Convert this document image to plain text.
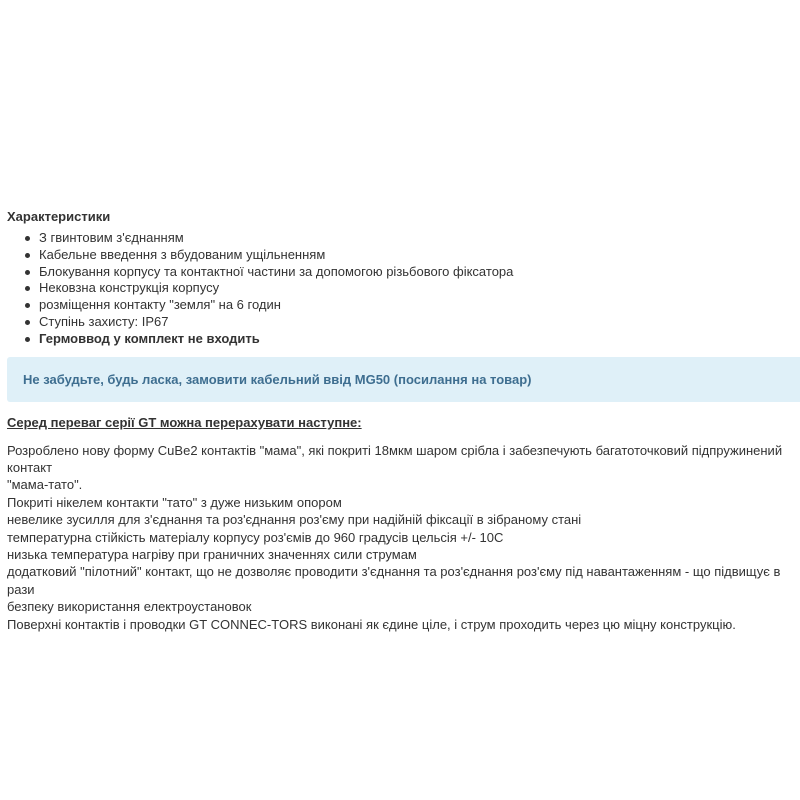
Характеристики
З гвинтовим з'єднанням
Кабельне введення з вбудованим ущільненням
Блокування корпусу та контактної частини за допомогою різьбового фіксатора
Нековзна конструкція корпусу
розміщення контакту "земля" на 6 годин
Ступінь захисту: IP67
Гермоввод у комплект не входить
Не забудьте, будь ласка, замовити кабельний ввід MG50 (посилання на товар)
Серед переваг серії GT можна перерахувати наступне:
Розроблено нову форму CuBe2 контактів "мама", які покриті 18мкм шаром срібла і забезпечують багатоточковий підпружинений контакт
"мама-тато".
Покриті нікелем контакти "тато" з дуже низьким опором
невелике зусилля для з'єднання та роз'єднання роз'єму при надійній фіксації в зібраному стані
температурна стійкість матеріалу корпусу роз'ємів до 960 градусів цельсія +/- 10С
низька температура нагріву при граничних значеннях сили струмам
додатковий "пілотний" контакт, що не дозволяє проводити з'єднання та роз'єднання роз'єму під навантаженням - що підвищує в рази
безпеку використання електроустановок
Поверхні контактів і проводки GT CONNEC-TORS виконані як єдине ціле, і струм проходить через цю міцну конструкцію.
